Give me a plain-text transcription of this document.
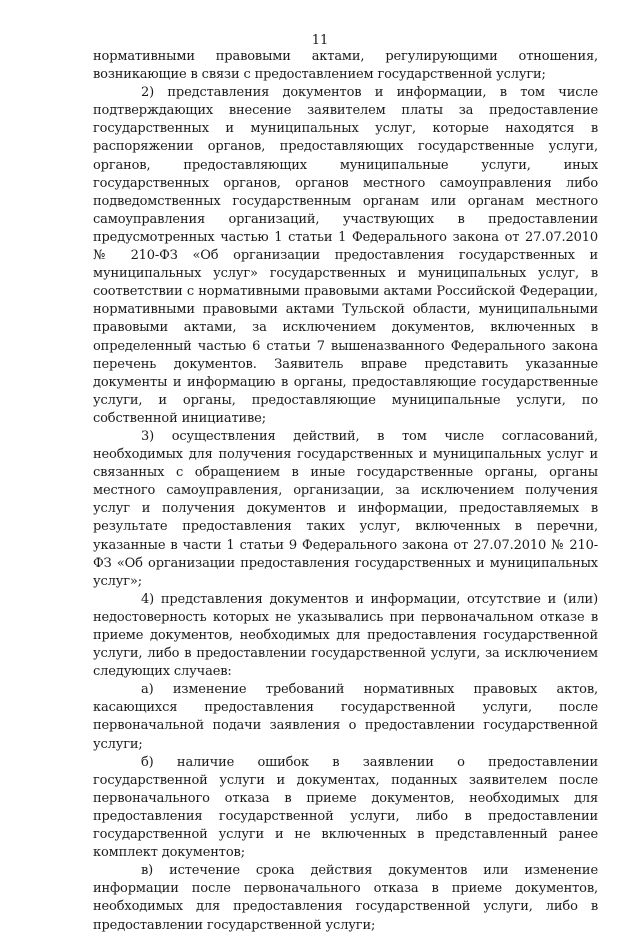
11

нормативными правовыми актами, регулирующими отношения, возникающие в связи с предоставлением государственной услуги;

2) представления документов и информации, в том числе подтверждающих внесение заявителем платы за предоставление государственных и муниципальных услуг, которые находятся в распоряжении органов, предоставляющих государственные услуги, органов, предоставляющих муниципальные услуги, иных государственных органов, органов местного самоуправления либо подведомственных государственным органам или органам местного самоуправления организаций, участвующих в предоставлении предусмотренных частью 1 статьи 1 Федерального закона от 27.07.2010 № 210-ФЗ «Об организации предоставления государственных и муниципальных услуг» государственных и муниципальных услуг, в соответствии с нормативными правовыми актами Российской Федерации, нормативными правовыми актами Тульской области, муниципальными правовыми актами, за исключением документов, включенных в определенный частью 6 статьи 7 вышеназванного Федерального закона перечень документов. Заявитель вправе представить указанные документы и информацию в органы, предоставляющие государственные услуги, и органы, предоставляющие муниципальные услуги, по собственной инициативе;

3) осуществления действий, в том числе согласований, необходимых для получения государственных и муниципальных услуг и связанных с обращением в иные государственные органы, органы местного самоуправления, организации, за исключением получения услуг и получения документов и информации, предоставляемых в результате предоставления таких услуг, включенных в перечни, указанные в части 1 статьи 9 Федерального закона от 27.07.2010 № 210-ФЗ «Об организации предоставления государственных и муниципальных услуг»;

4) представления документов и информации, отсутствие и (или) недостоверность которых не указывались при первоначальном отказе в приеме документов, необходимых для предоставления государственной услуги, либо в предоставлении государственной услуги, за исключением следующих случаев:

а) изменение требований нормативных правовых актов, касающихся предоставления государственной услуги, после первоначальной подачи заявления о предоставлении государственной услуги;

б) наличие ошибок в заявлении о предоставлении государственной услуги и документах, поданных заявителем после первоначального отказа в приеме документов, необходимых для предоставления государственной услуги, либо в предоставлении государственной услуги и не включенных в представленный ранее комплект документов;

в) истечение срока действия документов или изменение информации после первоначального отказа в приеме документов, необходимых для предоставления государственной услуги, либо в предоставлении государственной услуги;
